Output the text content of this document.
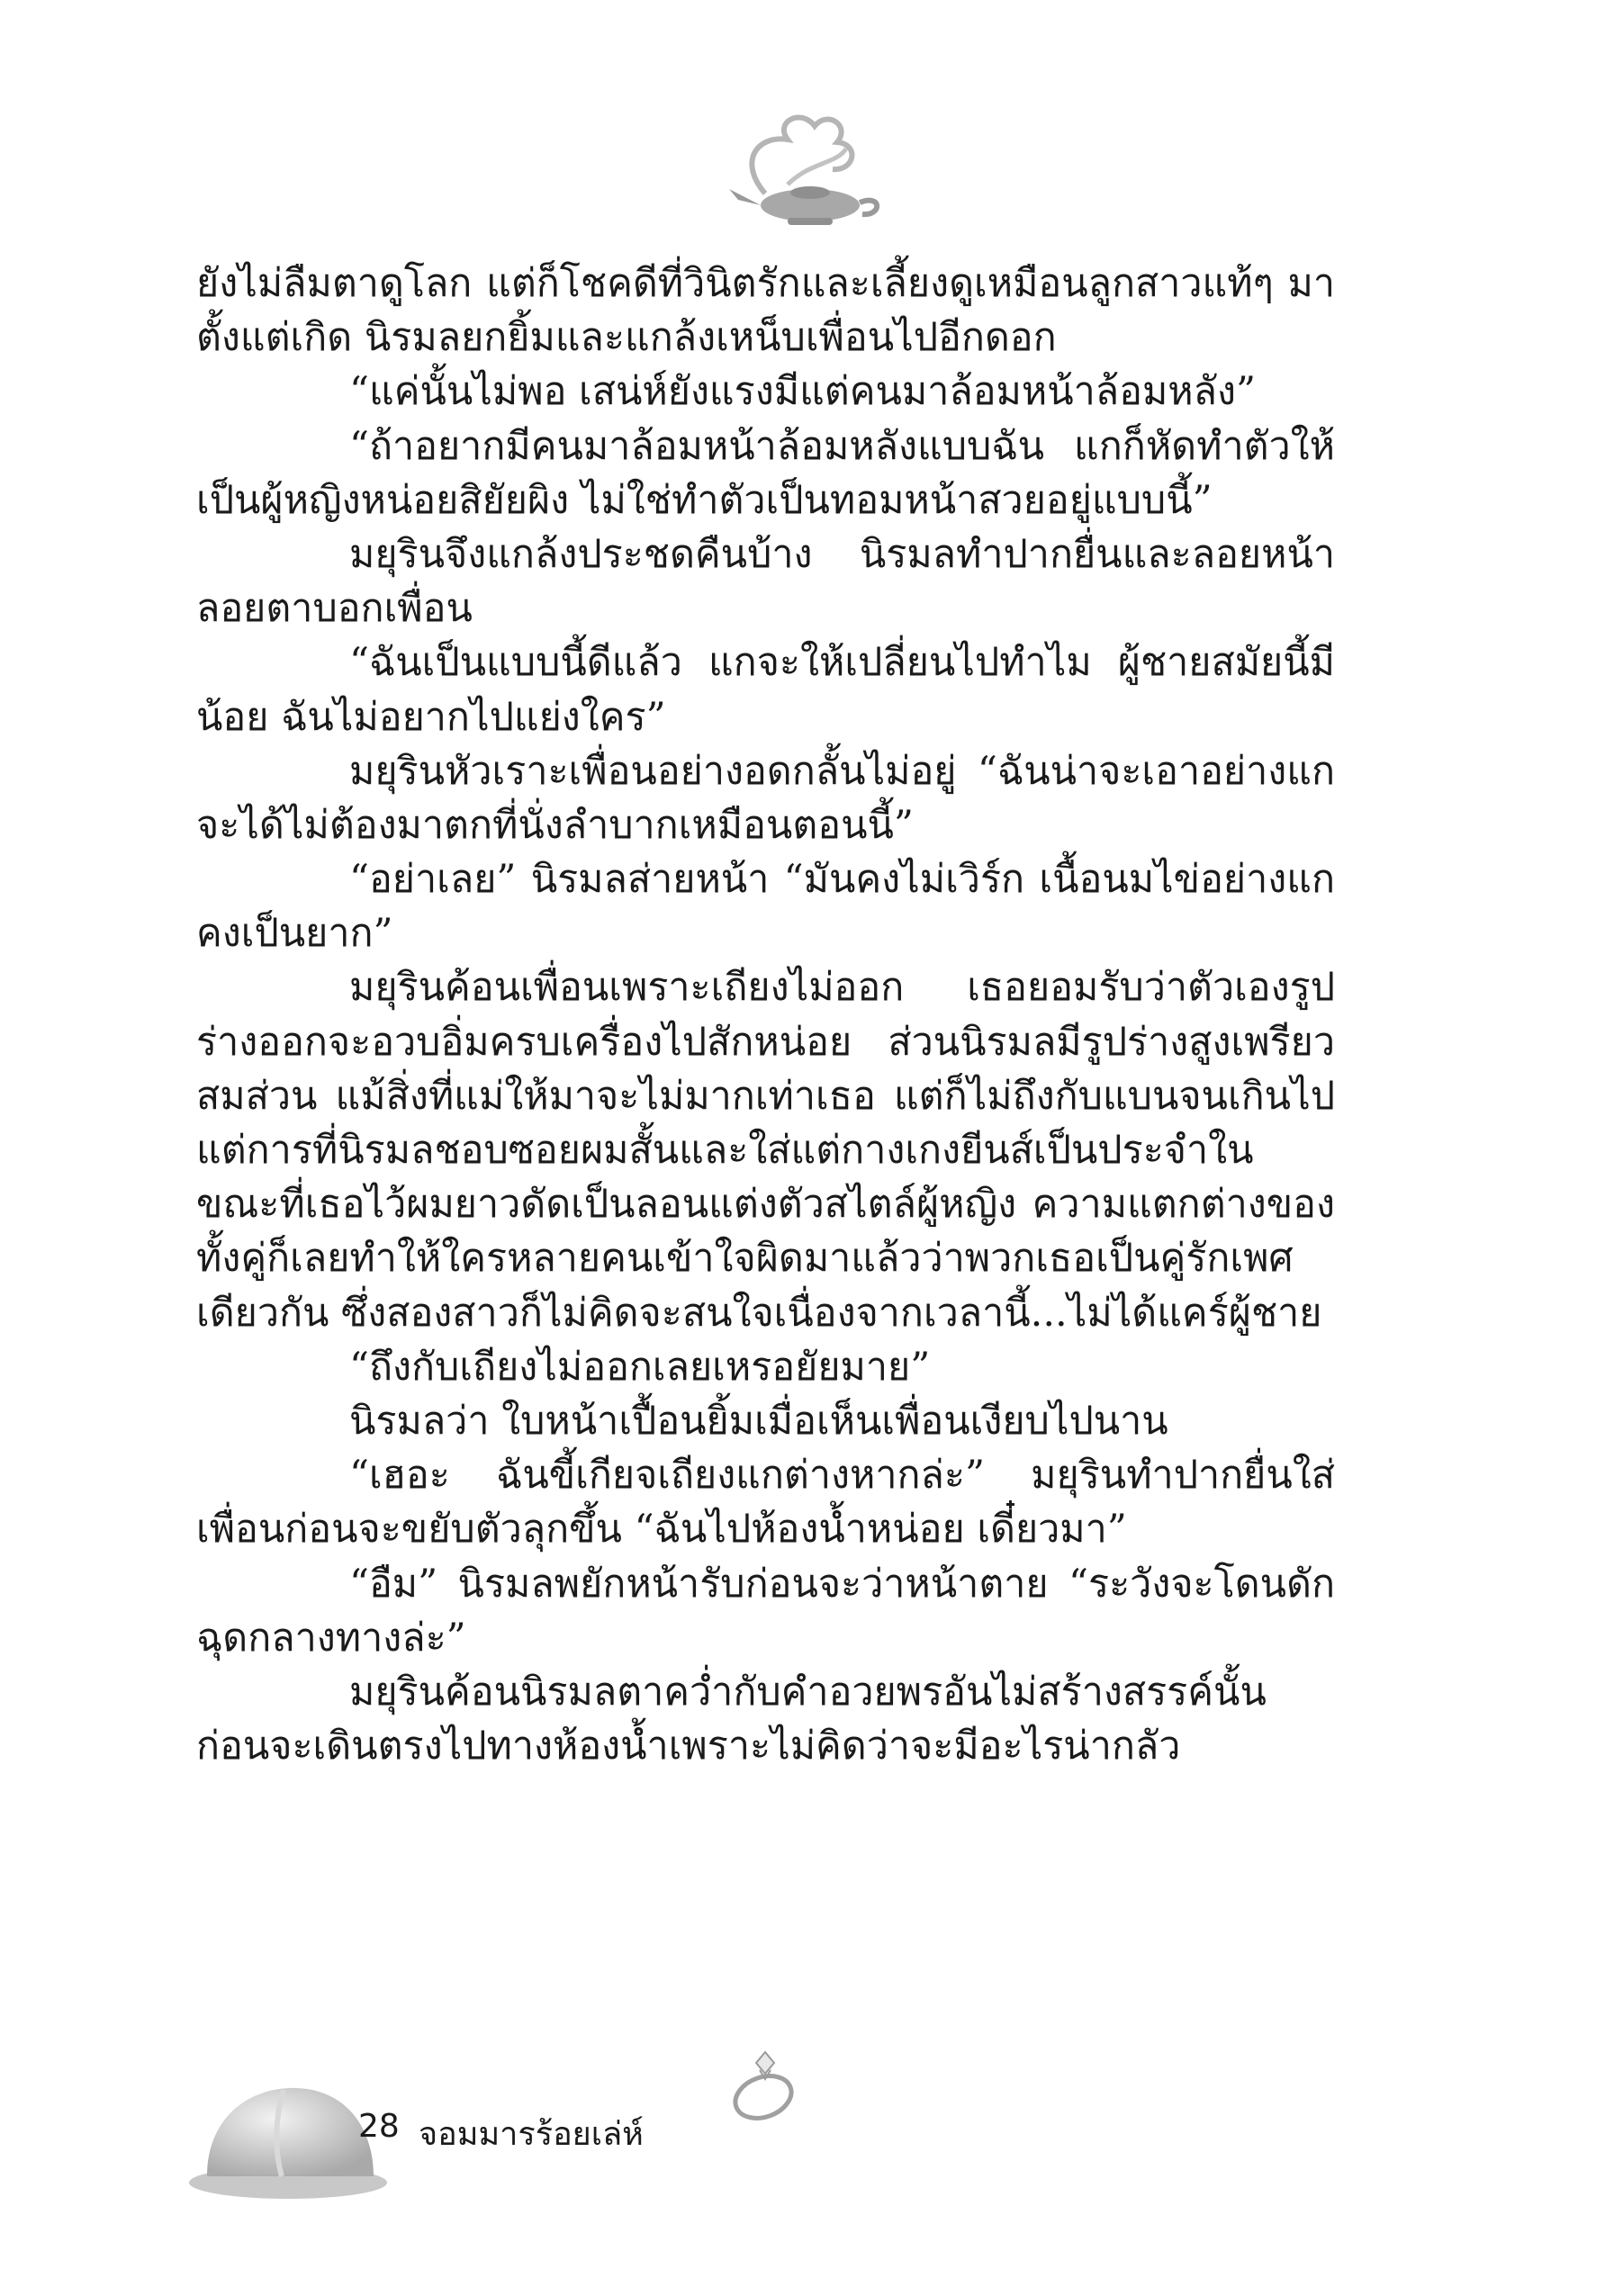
ยังไม่ลืมตาดูโลก แต่ก็โชคดีที่วินิตรักและเลี้ยงดูเหมือนลูกสาวแท้ๆ มาตั้งแต่เกิด นิรมลยกยิ้มและแกล้งเหน็บเพื่อนไปอีกดอก

“แค่นั้นไม่พอ เสน่ห์ยังแรงมีแต่คนมาล้อมหน้าล้อมหลัง”

“ถ้าอยากมีคนมาล้อมหน้าล้อมหลังแบบฉัน แกก็หัดทำตัวให้เป็นผู้หญิงหน่อยสิยัยผิง ไม่ใช่ทำตัวเป็นทอมหน้าสวยอยู่แบบนี้”

มยุรินจึงแกล้งประชดคืนบ้าง นิรมลทำปากยื่นและลอยหน้าลอยตาบอกเพื่อน

“ฉันเป็นแบบนี้ดีแล้ว แกจะให้เปลี่ยนไปทำไม ผู้ชายสมัยนี้มีน้อย ฉันไม่อยากไปแย่งใคร”

มยุรินหัวเราะเพื่อนอย่างอดกลั้นไม่อยู่ “ฉันน่าจะเอาอย่างแกจะได้ไม่ต้องมาตกที่นั่งลำบากเหมือนตอนนี้”

“อย่าเลย” นิรมลส่ายหน้า “มันคงไม่เวิร์ก เนื้อนมไข่อย่างแกคงเป็นยาก”

มยุรินค้อนเพื่อนเพราะเถียงไม่ออก เธอยอมรับว่าตัวเองรูปร่างออกจะอวบอิ่มครบเครื่องไปสักหน่อย ส่วนนิรมลมีรูปร่างสูงเพรียวสมส่วน แม้สิ่งที่แม่ให้มาจะไม่มากเท่าเธอ แต่ก็ไม่ถึงกับแบนจนเกินไป แต่การที่นิรมลชอบซอยผมสั้นและใส่แต่กางเกงยีนส์เป็นประจำในขณะที่เธอไว้ผมยาวดัดเป็นลอนแต่งตัวสไตล์ผู้หญิง ความแตกต่างของทั้งคู่ก็เลยทำให้ใครหลายคนเข้าใจผิดมาแล้วว่าพวกเธอเป็นคู่รักเพศเดียวกัน ซึ่งสองสาวก็ไม่คิดจะสนใจเนื่องจากเวลานี้...ไม่ได้แคร์ผู้ชาย

“ถึงกับเถียงไม่ออกเลยเหรอยัยมาย”

นิรมลว่า ใบหน้าเปื้อนยิ้มเมื่อเห็นเพื่อนเงียบไปนาน

“เฮอะ ฉันขี้เกียจเถียงแกต่างหากล่ะ” มยุรินทำปากยื่นใส่เพื่อนก่อนจะขยับตัวลุกขึ้น “ฉันไปห้องน้ำหน่อย เดี๋ยวมา”

“อืม” นิรมลพยักหน้ารับก่อนจะว่าหน้าตาย “ระวังจะโดนดักฉุดกลางทางล่ะ”

มยุรินค้อนนิรมลตาคว่ำกับคำอวยพรอันไม่สร้างสรรค์นั้น ก่อนจะเดินตรงไปทางห้องน้ำเพราะไม่คิดว่าจะมีอะไรน่ากลัว

28 จอมมารร้อยเล่ห์
